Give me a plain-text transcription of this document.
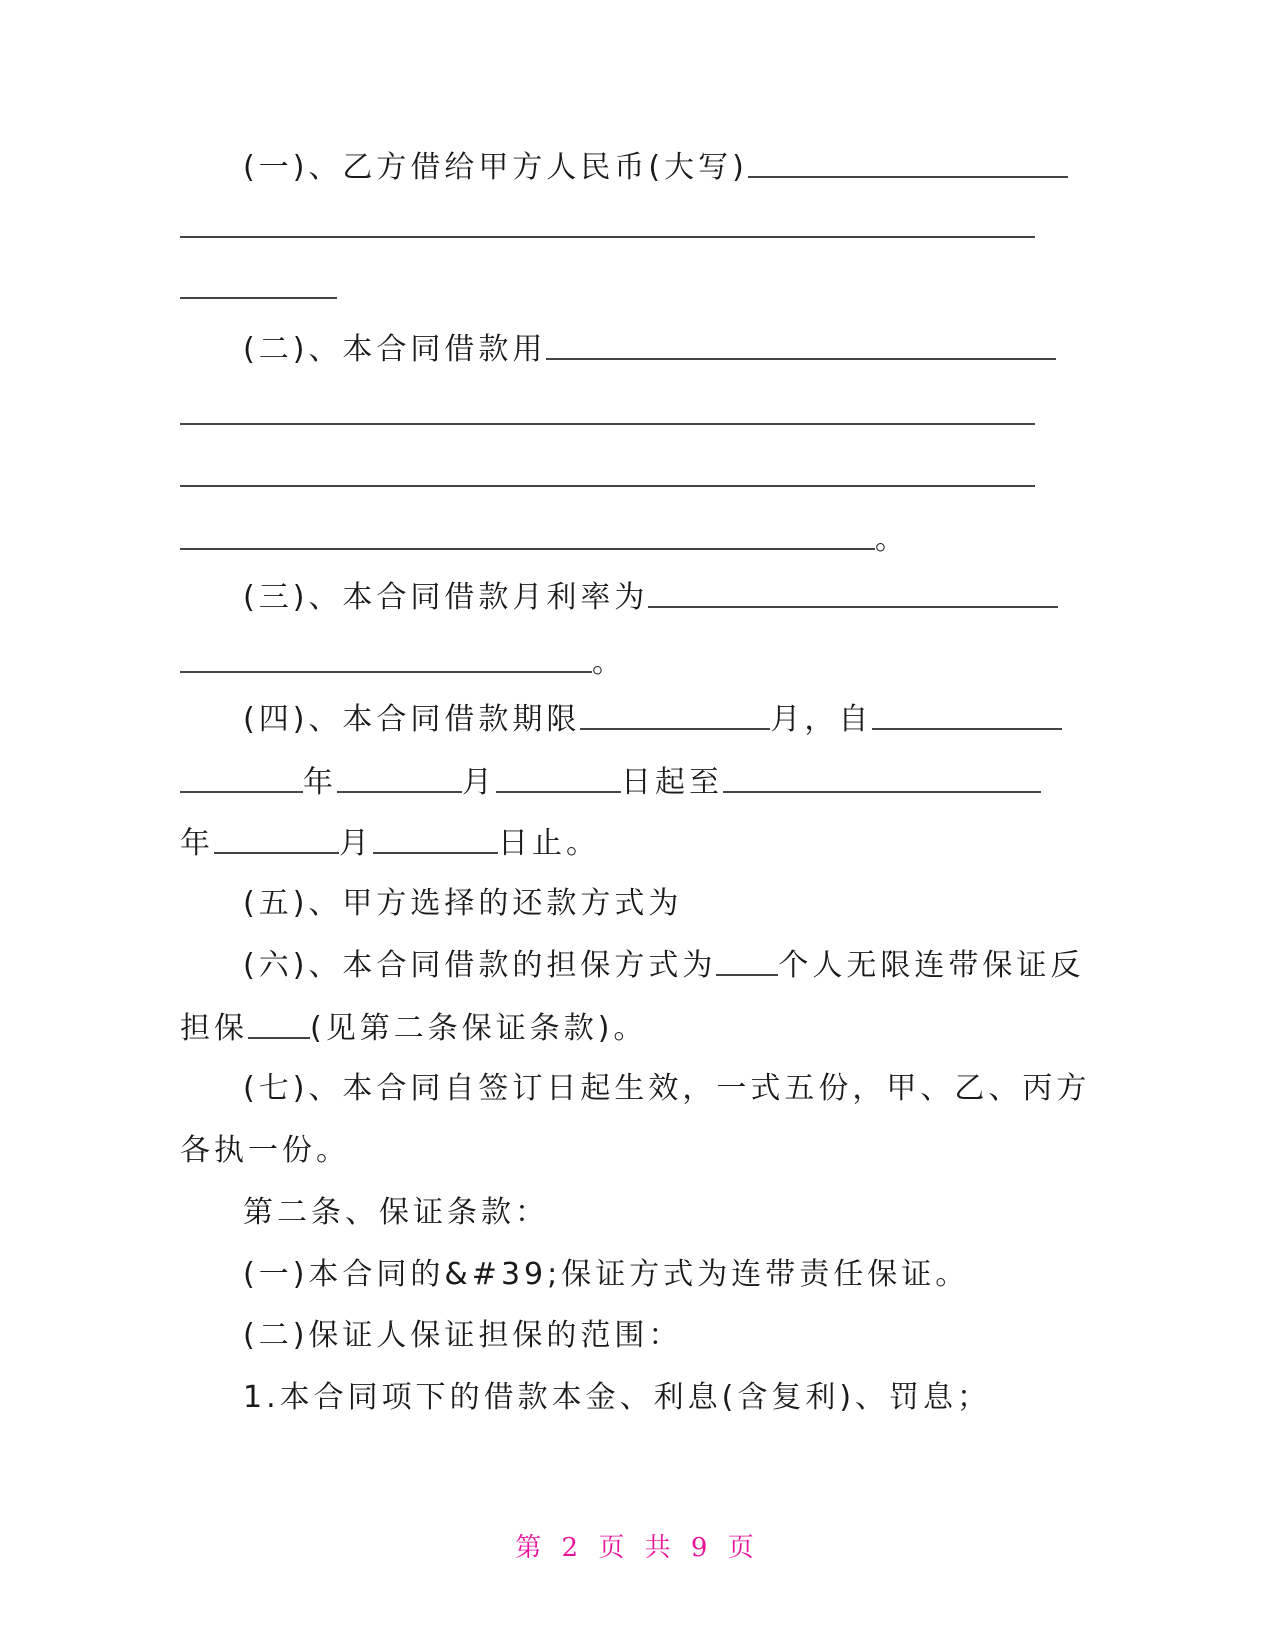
(一)、乙方借给甲方人民币(大写)
(二)、本合同借款用
。
(三)、本合同借款月利率为
。
(四)、本合同借款期限	月，自
年	月	日起至
年	月	日止。
(五)、甲方选择的还款方式为
(六)、本合同借款的担保方式为 个人无限连带保证反
担保 (见第二条保证条款)。
(七)、本合同自签订日起生效，一式五份，甲、乙、丙方
各执一份。
第二条、保证条款：
(一)本合同的&#39;保证方式为连带责任保证。
(二)保证人保证担保的范围：
1.本合同项下的借款本金、利息(含复利)、罚息；
第 2 页 共 9 页
